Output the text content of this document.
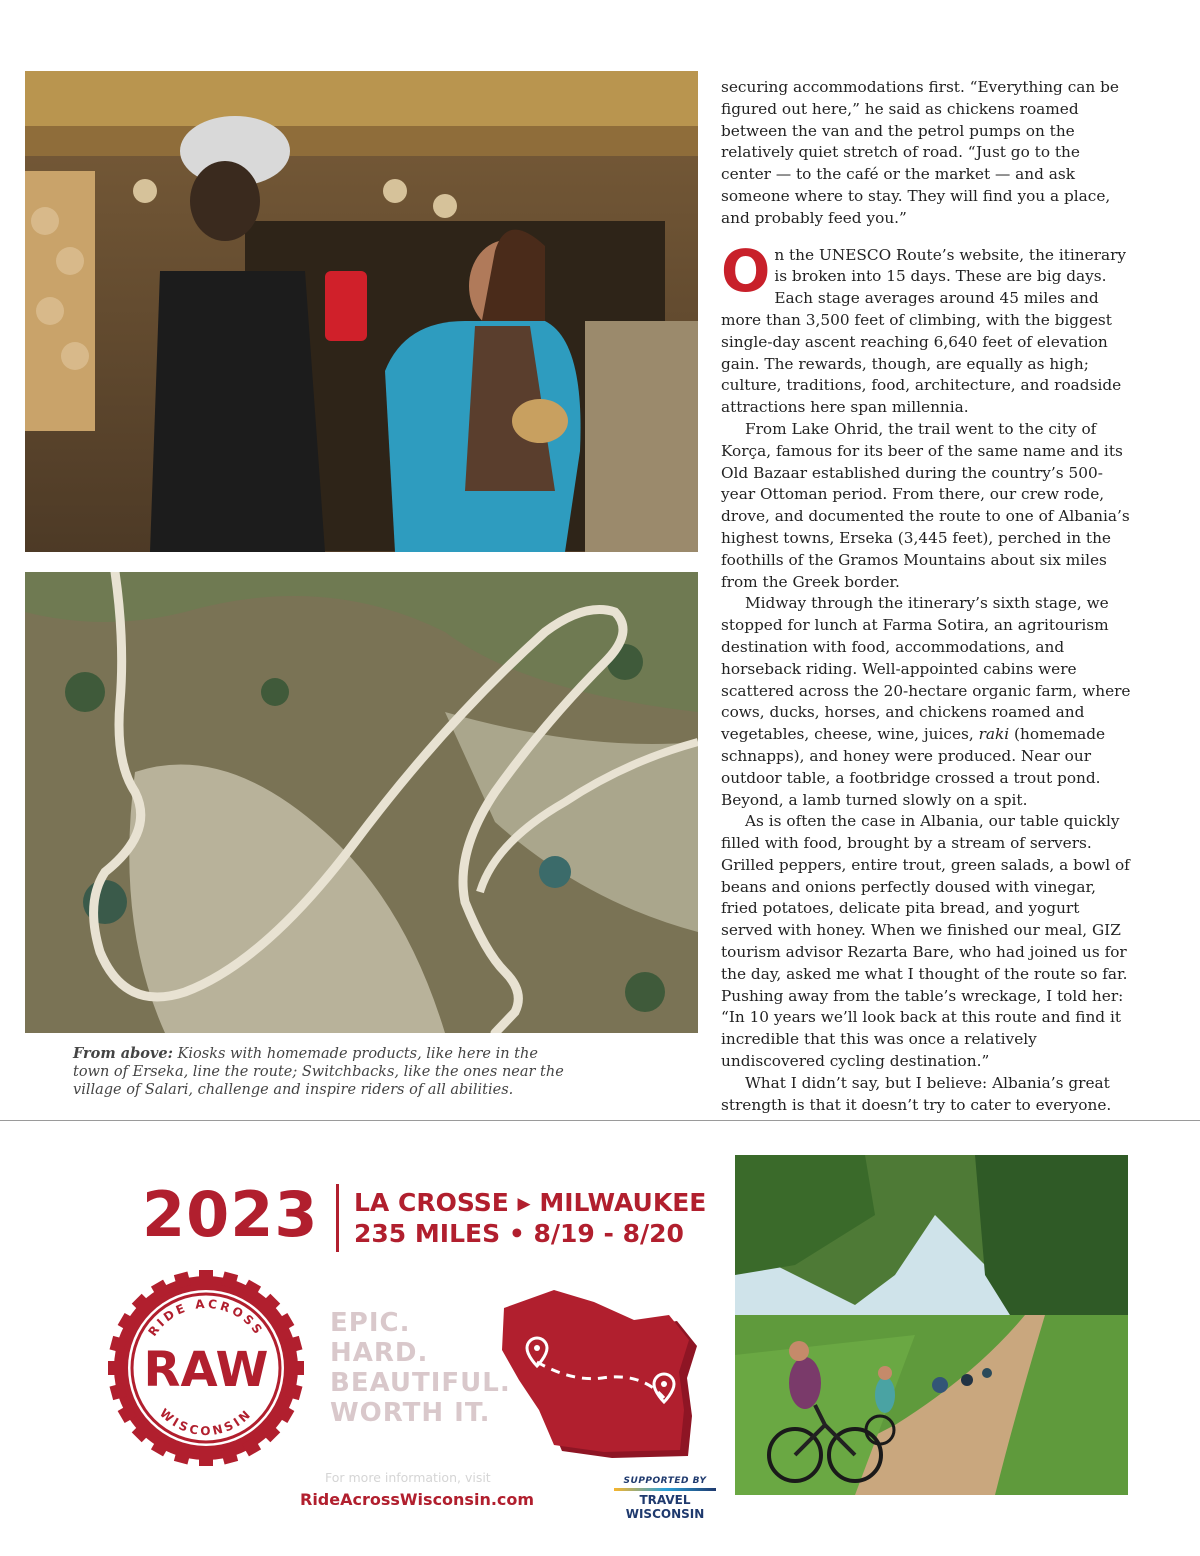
From above: Kiosks with homemade products, like here in the town of Erseka, line the route; Switchbacks, like the ones near the village of Salari, challenge and inspire riders of all abilities.

securing accommodations first. “Everything can be figured out here,” he said as chickens roamed between the van and the petrol pumps on the relatively quiet stretch of road. “Just go to the center — to the café or the market — and ask someone where to stay. They will find you a place, and probably feed you.”

On the UNESCO Route’s website, the itinerary is broken into 15 days. These are big days. Each stage averages around 45 miles and more than 3,500 feet of climbing, with the biggest single-day ascent reaching 6,640 feet of elevation gain. The rewards, though, are equally as high; culture, traditions, food, architecture, and roadside attractions here span millennia.

From Lake Ohrid, the trail went to the city of Korça, famous for its beer of the same name and its Old Bazaar established during the country’s 500-year Ottoman period. From there, our crew rode, drove, and documented the route to one of Albania’s highest towns, Erseka (3,445 feet), perched in the foothills of the Gramos Mountains about six miles from the Greek border.

Midway through the itinerary’s sixth stage, we stopped for lunch at Farma Sotira, an agritourism destination with food, accommodations, and horseback riding. Well-appointed cabins were scattered across the 20-hectare organic farm, where cows, ducks, horses, and chickens roamed and vegetables, cheese, wine, juices, raki (homemade schnapps), and honey were produced. Near our outdoor table, a footbridge crossed a trout pond. Beyond, a lamb turned slowly on a spit.

As is often the case in Albania, our table quickly filled with food, brought by a stream of servers. Grilled peppers, entire trout, green salads, a bowl of beans and onions perfectly doused with vinegar, fried potatoes, delicate pita bread, and yogurt served with honey. When we finished our meal, GIZ tourism advisor Rezarta Bare, who had joined us for the day, asked me what I thought of the route so far. Pushing away from the table’s wreckage, I told her: “In 10 years we’ll look back at this route and find it incredible that this was once a relatively undiscovered cycling destination.”

What I didn’t say, but I believe: Albania’s great strength is that it doesn’t try to cater to everyone.

2023 LA CROSSE ▶ MILWAUKEE
235 MILES • 8/19 - 8/20
RIDE ACROSS
RAW
WISCONSIN
EPIC.
HARD.
BEAUTIFUL.
WORTH IT.
For more information, visit
RideAcrossWisconsin.com
SUPPORTED BY
TRAVEL WISCONSIN
